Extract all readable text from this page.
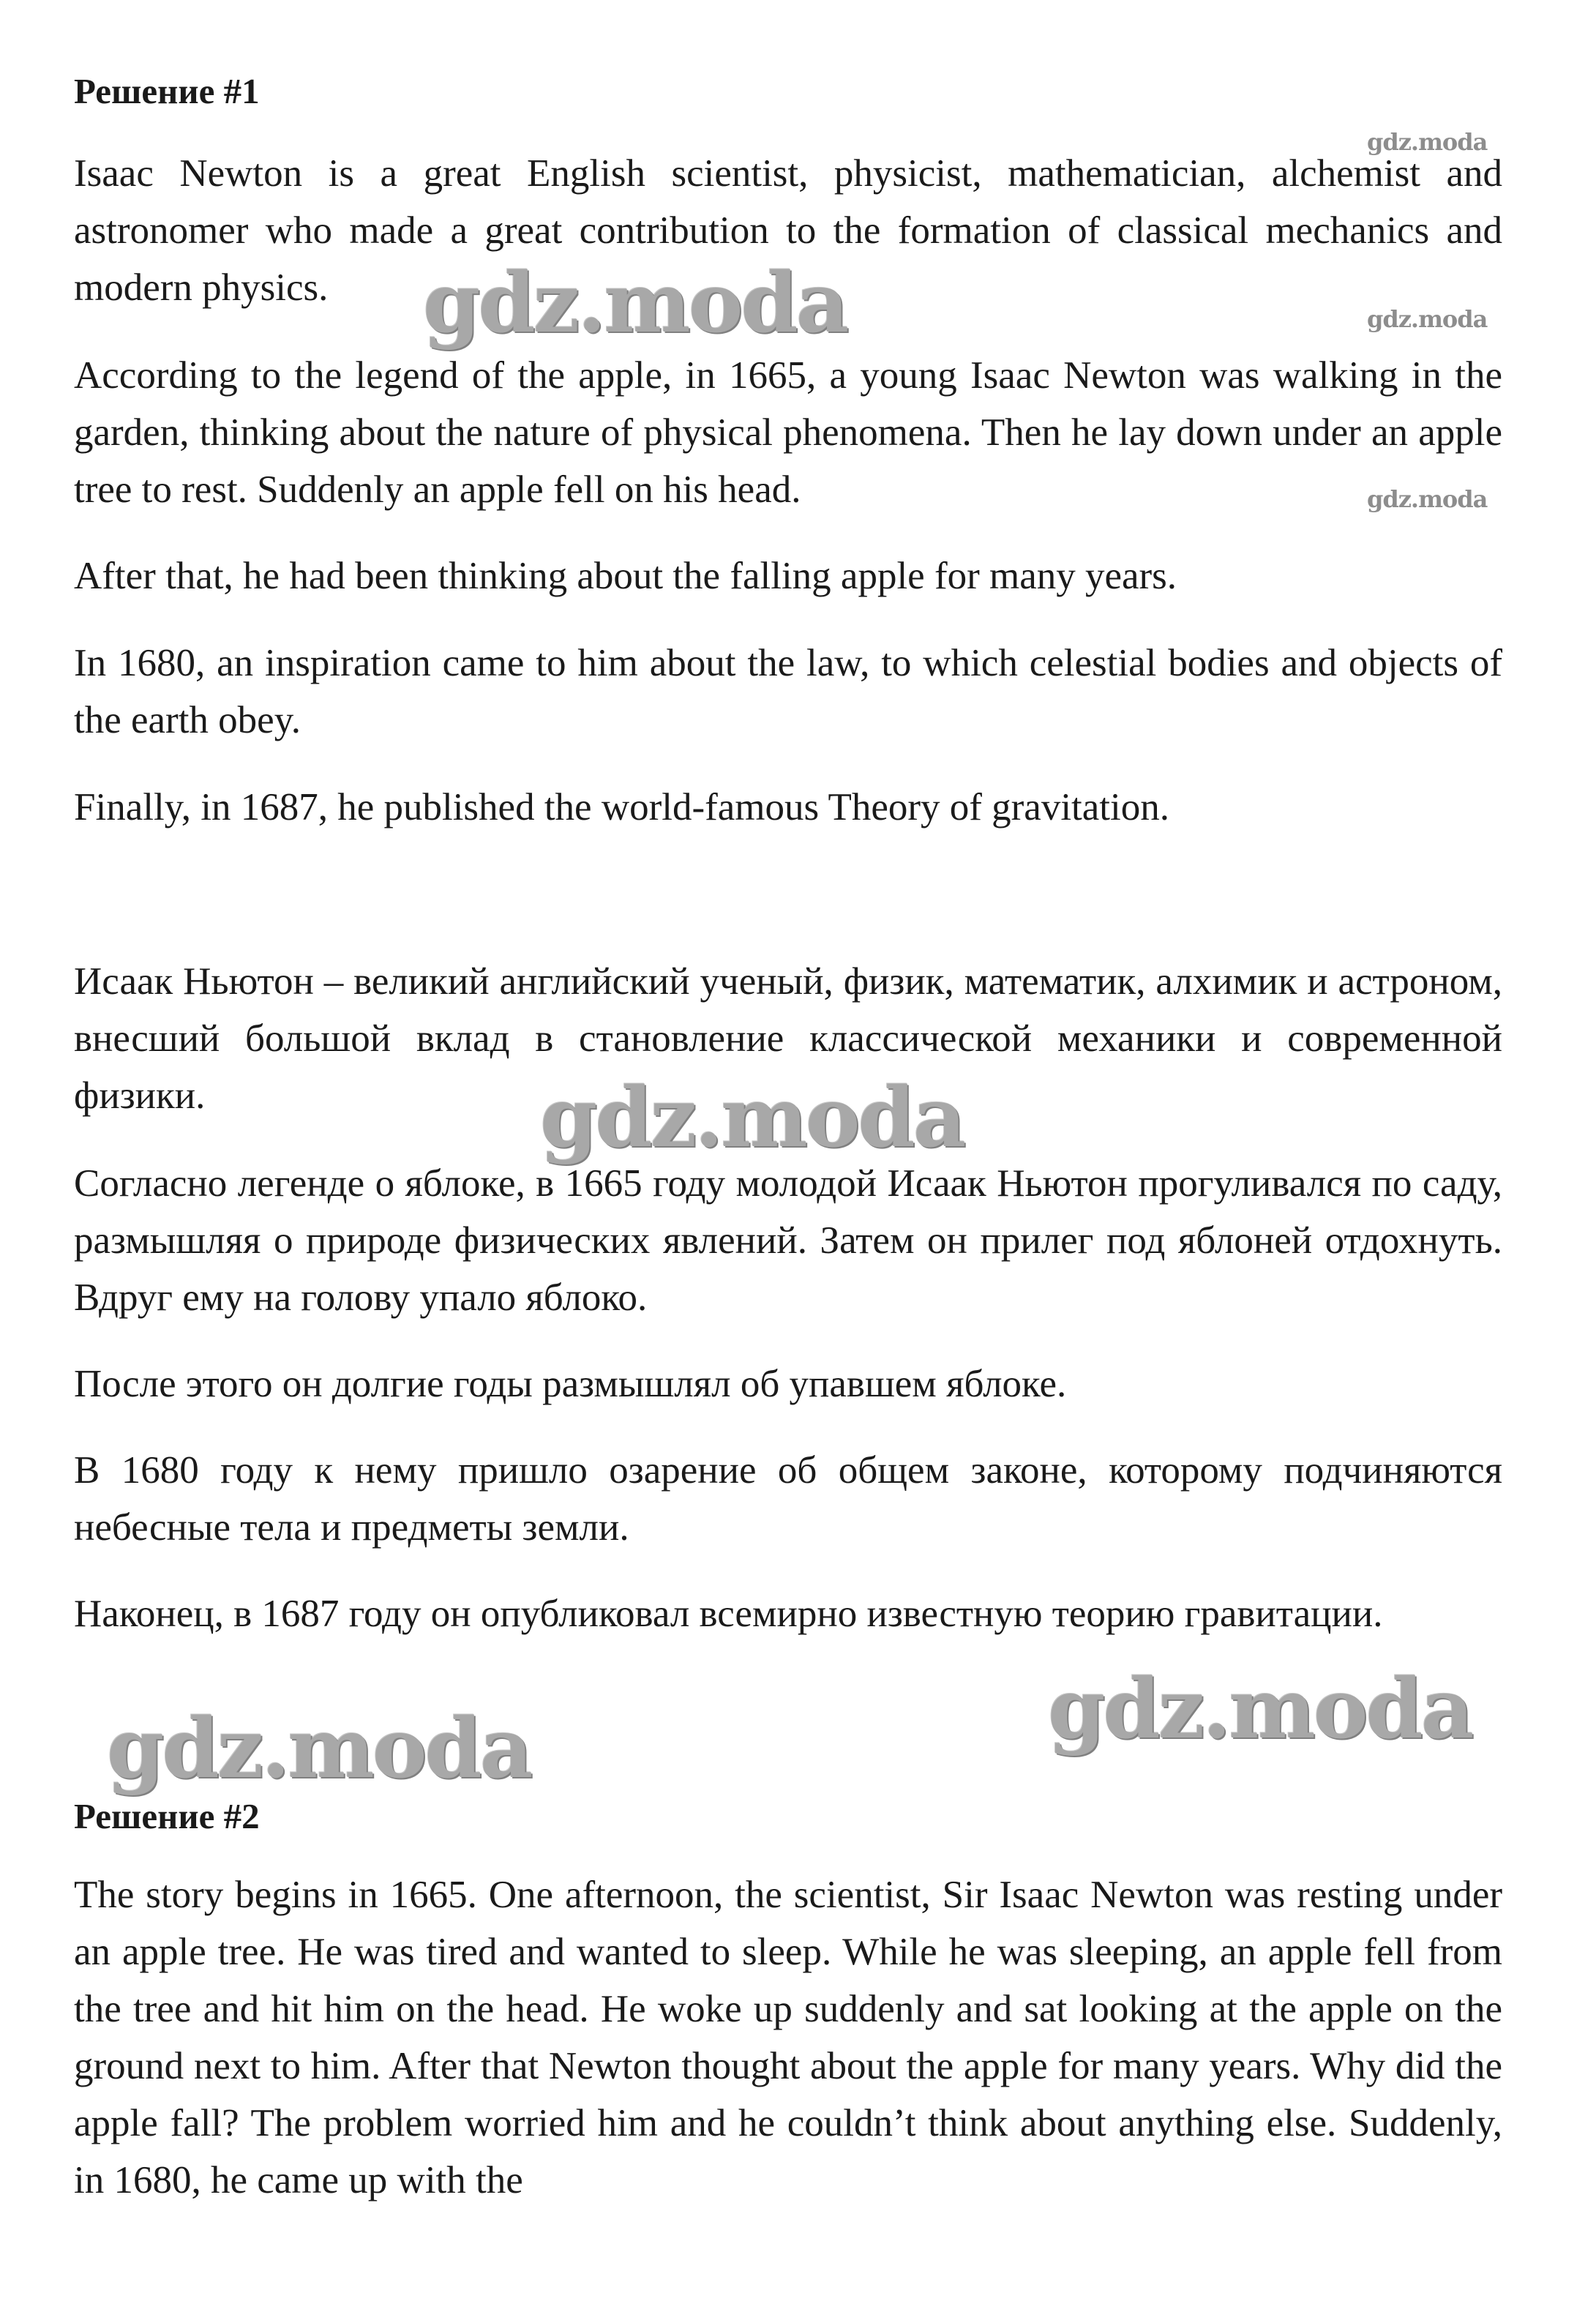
Решение #1

Isaac Newton is a great English scientist, physicist, mathematician, alchemist and astronomer who made a great contribution to the formation of classical mechanics and modern physics.

According to the legend of the apple, in 1665, a young Isaac Newton was walking in the garden, thinking about the nature of physical phenomena. Then he lay down under an apple tree to rest. Suddenly an apple fell on his head.

After that, he had been thinking about the falling apple for many years.

In 1680, an inspiration came to him about the law, to which celestial bodies and objects of the earth obey.

Finally, in 1687, he published the world-famous Theory of gravitation.

Исаак Ньютон – великий английский ученый, физик, математик, алхимик и астроном, внесший большой вклад в становление классической механики и современной физики.

Согласно легенде о яблоке, в 1665 году молодой Исаак Ньютон прогуливался по саду, размышляя о природе физических явлений. Затем он прилег под яблоней отдохнуть. Вдруг ему на голову упало яблоко.

После этого он долгие годы размышлял об упавшем яблоке.

В 1680 году к нему пришло озарение об общем законе, которому подчиняются небесные тела и предметы земли.

Наконец, в 1687 году он опубликовал всемирно известную теорию гравитации.

Решение #2

The story begins in 1665. One afternoon, the scientist, Sir Isaac Newton was resting under an apple tree. He was tired and wanted to sleep. While he was sleeping, an apple fell from the tree and hit him on the head. He woke up suddenly and sat looking at the apple on the ground next to him. After that Newton thought about the apple for many years. Why did the apple fall? The problem worried him and he couldn’t think about anything else. Suddenly, in 1680, he came up with the

gdz.moda
gdz.moda
gdz.moda
gdz.moda
gdz.moda
gdz.moda
gdz.moda
